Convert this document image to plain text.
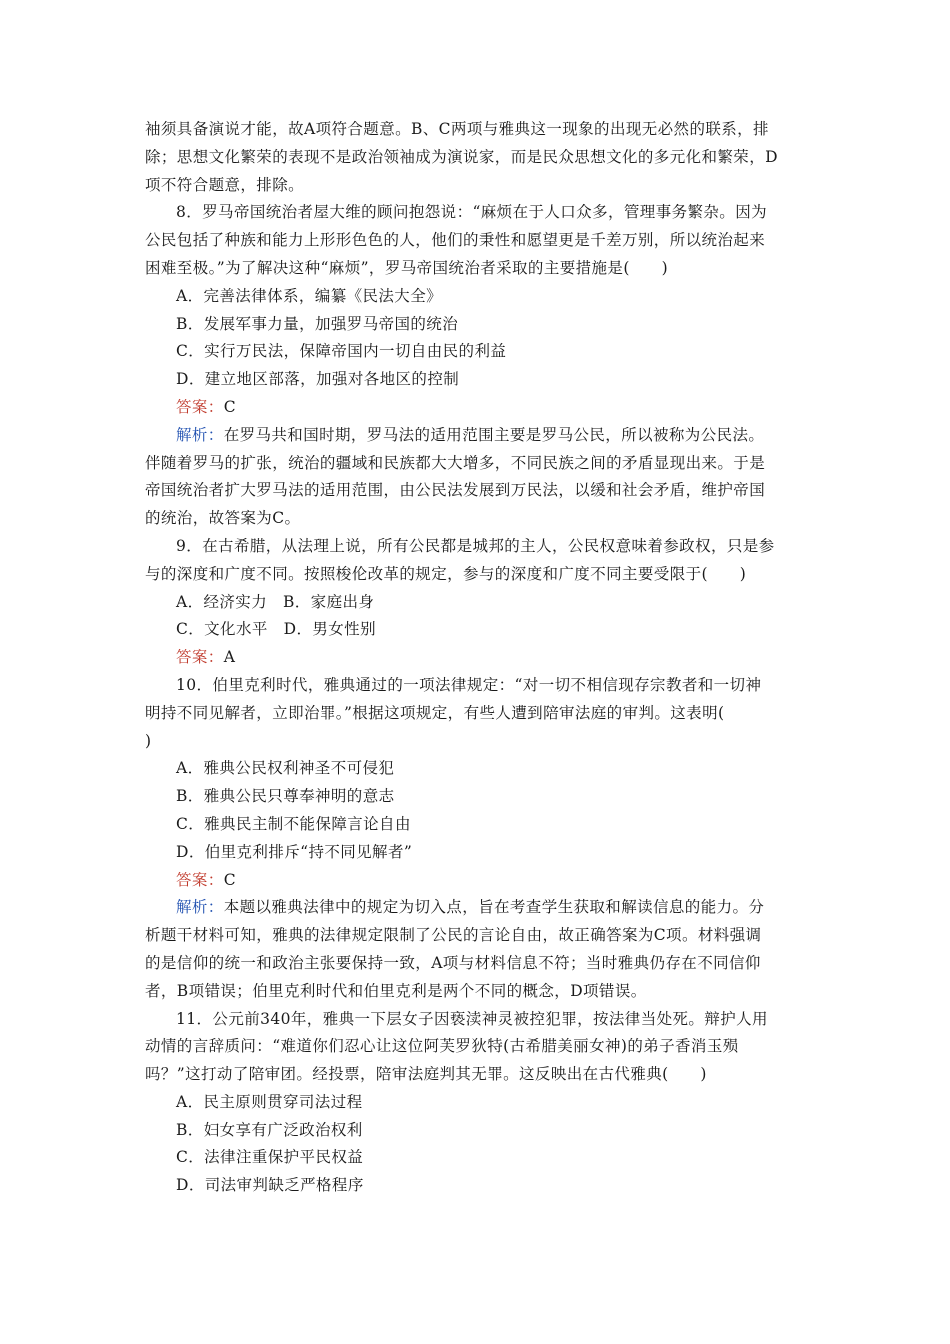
袖须具备演说才能，故A项符合题意。B、C两项与雅典这一现象的出现无必然的联系，排
除；思想文化繁荣的表现不是政治领袖成为演说家，而是民众思想文化的多元化和繁荣，D
项不符合题意，排除。
8．罗马帝国统治者屋大维的顾问抱怨说：“麻烦在于人口众多，管理事务繁杂。因为
公民包括了种族和能力上形形色色的人，他们的秉性和愿望更是千差万别，所以统治起来
困难至极。”为了解决这种“麻烦”，罗马帝国统治者采取的主要措施是(　　)
A．完善法律体系，编纂《民法大全》
B．发展军事力量，加强罗马帝国的统治
C．实行万民法，保障帝国内一切自由民的利益
D．建立地区部落，加强对各地区的控制
答案：C
解析：在罗马共和国时期，罗马法的适用范围主要是罗马公民，所以被称为公民法。
伴随着罗马的扩张，统治的疆域和民族都大大增多，不同民族之间的矛盾显现出来。于是
帝国统治者扩大罗马法的适用范围，由公民法发展到万民法，以缓和社会矛盾，维护帝国
的统治，故答案为C。
9．在古希腊，从法理上说，所有公民都是城邦的主人，公民权意味着参政权，只是参
与的深度和广度不同。按照梭伦改革的规定，参与的深度和广度不同主要受限于(　　)
A．经济实力　B．家庭出身
C．文化水平　D．男女性别
答案：A
10．伯里克利时代，雅典通过的一项法律规定：“对一切不相信现存宗教者和一切神
明持不同见解者，立即治罪。”根据这项规定，有些人遭到陪审法庭的审判。这表明(
)
A．雅典公民权利神圣不可侵犯
B．雅典公民只尊奉神明的意志
C．雅典民主制不能保障言论自由
D．伯里克利排斥“持不同见解者”
答案：C
解析：本题以雅典法律中的规定为切入点，旨在考查学生获取和解读信息的能力。分
析题干材料可知，雅典的法律规定限制了公民的言论自由，故正确答案为C项。材料强调
的是信仰的统一和政治主张要保持一致，A项与材料信息不符；当时雅典仍存在不同信仰
者，B项错误；伯里克利时代和伯里克利是两个不同的概念，D项错误。
11．公元前340年，雅典一下层女子因亵渎神灵被控犯罪，按法律当处死。辩护人用
动情的言辞质问：“难道你们忍心让这位阿芙罗狄特(古希腊美丽女神)的弟子香消玉殒
吗？”这打动了陪审团。经投票，陪审法庭判其无罪。这反映出在古代雅典(　　)
A．民主原则贯穿司法过程
B．妇女享有广泛政治权利
C．法律注重保护平民权益
D．司法审判缺乏严格程序
